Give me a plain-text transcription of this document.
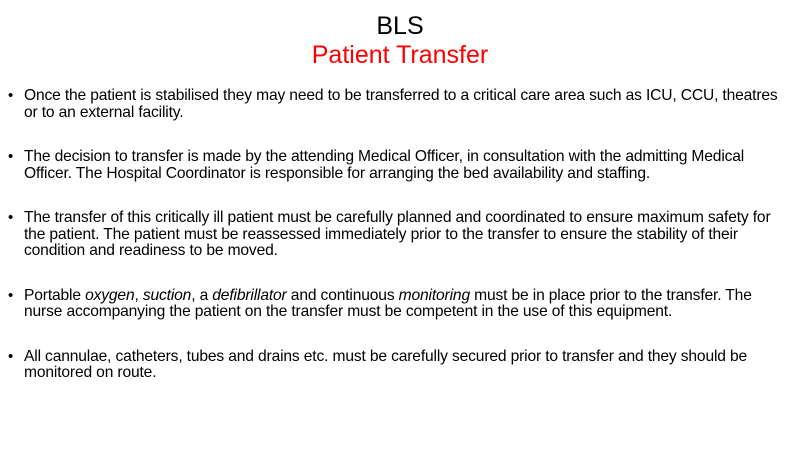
BLS
Patient Transfer
• Once the patient is stabilised they may need to be transferred to a critical care area such as ICU, CCU, theatres or to an external facility.
• The decision to transfer is made by the attending Medical Officer, in consultation with the admitting Medical Officer. The Hospital Coordinator is responsible for arranging the bed availability and staffing.
• The transfer of this critically ill patient must be carefully planned and coordinated to ensure maximum safety for the patient. The patient must be reassessed immediately prior to the transfer to ensure the stability of their condition and readiness to be moved.
• Portable oxygen, suction, a defibrillator and continuous monitoring must be in place prior to the transfer. The nurse accompanying the patient on the transfer must be competent in the use of this equipment.
• All cannulae, catheters, tubes and drains etc. must be carefully secured prior to transfer and they should be monitored on route.
